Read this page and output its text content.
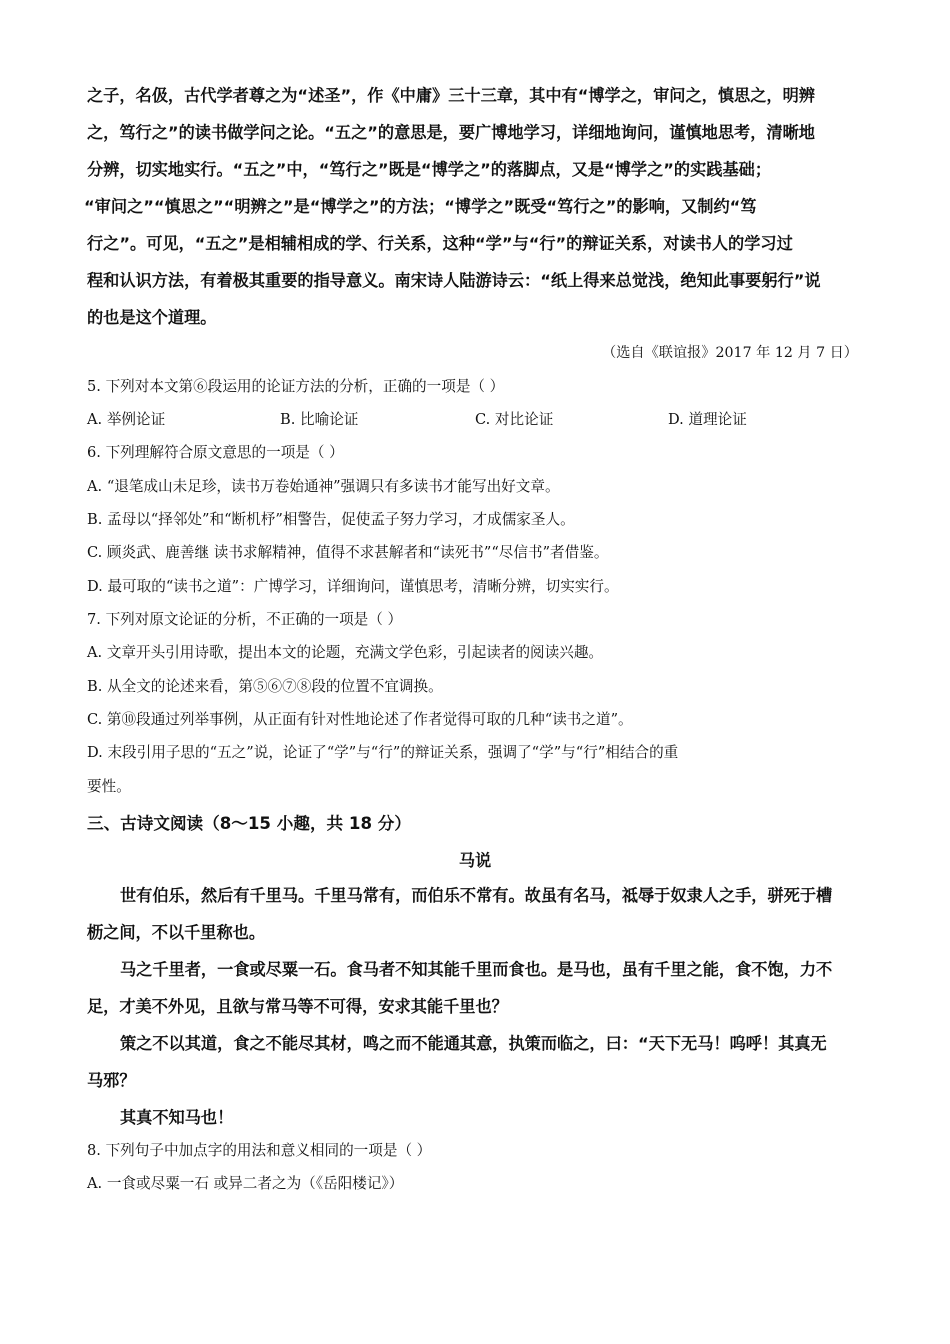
之子，名伋，古代学者尊之为“述圣”，作《中庸》三十三章，其中有“博学之，审问之，慎思之，明辨
之，笃行之”的读书做学问之论。“五之”的意思是，要广博地学习，详细地询问，谨慎地思考，清晰地
分辨，切实地实行。“五之”中，“笃行之”既是“博学之”的落脚点，又是“博学之”的实践基础；
“审问之”“慎思之”“明辨之”是“博学之”的方法；“博学之”既受“笃行之”的影响，又制约“笃
行之”。可见，“五之”是相辅相成的学、行关系，这种“学”与“行”的辩证关系，对读书人的学习过
程和认识方法，有着极其重要的指导意义。南宋诗人陆游诗云：“纸上得来总觉浅，绝知此事要躬行”说
的也是这个道理。
（选自《联谊报》2017 年 12 月 7 日）
5. 下列对本文第⑥段运用的论证方法的分析，正确的一项是（ ）
A. 举例论证	B. 比喻论证	C. 对比论证	D. 道理论证
6. 下列理解符合原文意思的一项是（ ）
A. “退笔成山未足珍，读书万卷始通神”强调只有多读书才能写出好文章。
B. 孟母以“择邻处”和“断机杼”相警告，促使孟子努力学习，才成儒家圣人。
C. 顾炎武、鹿善继 读书求解精神，值得不求甚解者和“读死书”“尽信书”者借鉴。
D. 最可取的“读书之道”：广博学习，详细询问，谨慎思考，清晰分辨，切实实行。
7. 下列对原文论证的分析，不正确的一项是（ ）
A. 文章开头引用诗歌，提出本文的论题，充满文学色彩，引起读者的阅读兴趣。
B. 从全文的论述来看，第⑤⑥⑦⑧段的位置不宜调换。
C. 第⑩段通过列举事例，从正面有针对性地论述了作者觉得可取的几种“读书之道”。
D. 末段引用子思的“五之”说，论证了“学”与“行”的辩证关系，强调了“学”与“行”相结合的重
要性。
三、古诗文阅读（8～15 小趣，共 18 分）
马说
世有伯乐，然后有千里马。千里马常有，而伯乐不常有。故虽有名马，祗辱于奴隶人之手，骈死于槽
枥之间，不以千里称也。
马之千里者，一食或尽粟一石。食马者不知其能千里而食也。是马也，虽有千里之能，食不饱，力不
足，才美不外见，且欲与常马等不可得，安求其能千里也？
策之不以其道，食之不能尽其材，鸣之而不能通其意，执策而临之，曰：“天下无马！呜呼！其真无
马邪？
其真不知马也！
8. 下列句子中加点字的用法和意义相同的一项是（ ）
A. 一食或尽粟一石 或异二者之为（《岳阳楼记》）
